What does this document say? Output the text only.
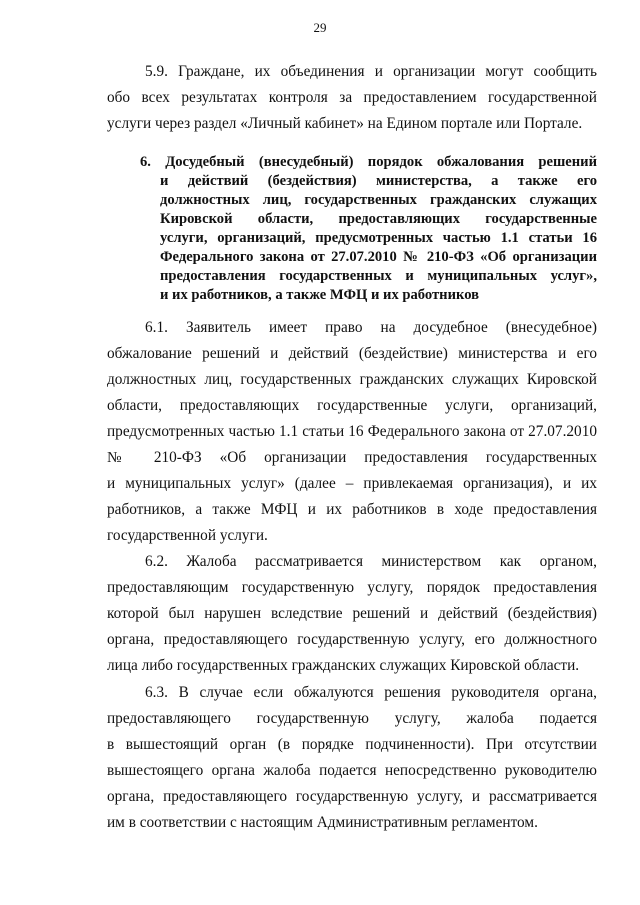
29
5.9. Граждане, их объединения и организации могут сообщить
обо всех результатах контроля за предоставлением государственной
услуги через раздел «Личный кабинет» на Едином портале или Портале.
6. Досудебный (внесудебный) порядок обжалования решений
и действий (бездействия) министерства, а также его
должностных лиц, государственных гражданских служащих
Кировской области, предоставляющих государственные
услуги, организаций, предусмотренных частью 1.1 статьи 16
Федерального закона от 27.07.2010 № 210-ФЗ «Об организации
предоставления государственных и муниципальных услуг»,
и их работников, а также МФЦ и их работников
6.1. Заявитель имеет право на досудебное (внесудебное)
обжалование решений и действий (бездействие) министерства и его
должностных лиц, государственных гражданских служащих Кировской
области, предоставляющих государственные услуги, организаций,
предусмотренных частью 1.1 статьи 16 Федерального закона от 27.07.2010
№ 210-ФЗ «Об организации предоставления государственных
и муниципальных услуг» (далее – привлекаемая организация), и их
работников, а также МФЦ и их работников в ходе предоставления
государственной услуги.
6.2. Жалоба рассматривается министерством как органом,
предоставляющим государственную услугу, порядок предоставления
которой был нарушен вследствие решений и действий (бездействия)
органа, предоставляющего государственную услугу, его должностного
лица либо государственных гражданских служащих Кировской области.
6.3. В случае если обжалуются решения руководителя органа,
предоставляющего государственную услугу, жалоба подается
в вышестоящий орган (в порядке подчиненности). При отсутствии
вышестоящего органа жалоба подается непосредственно руководителю
органа, предоставляющего государственную услугу, и рассматривается
им в соответствии с настоящим Административным регламентом.
